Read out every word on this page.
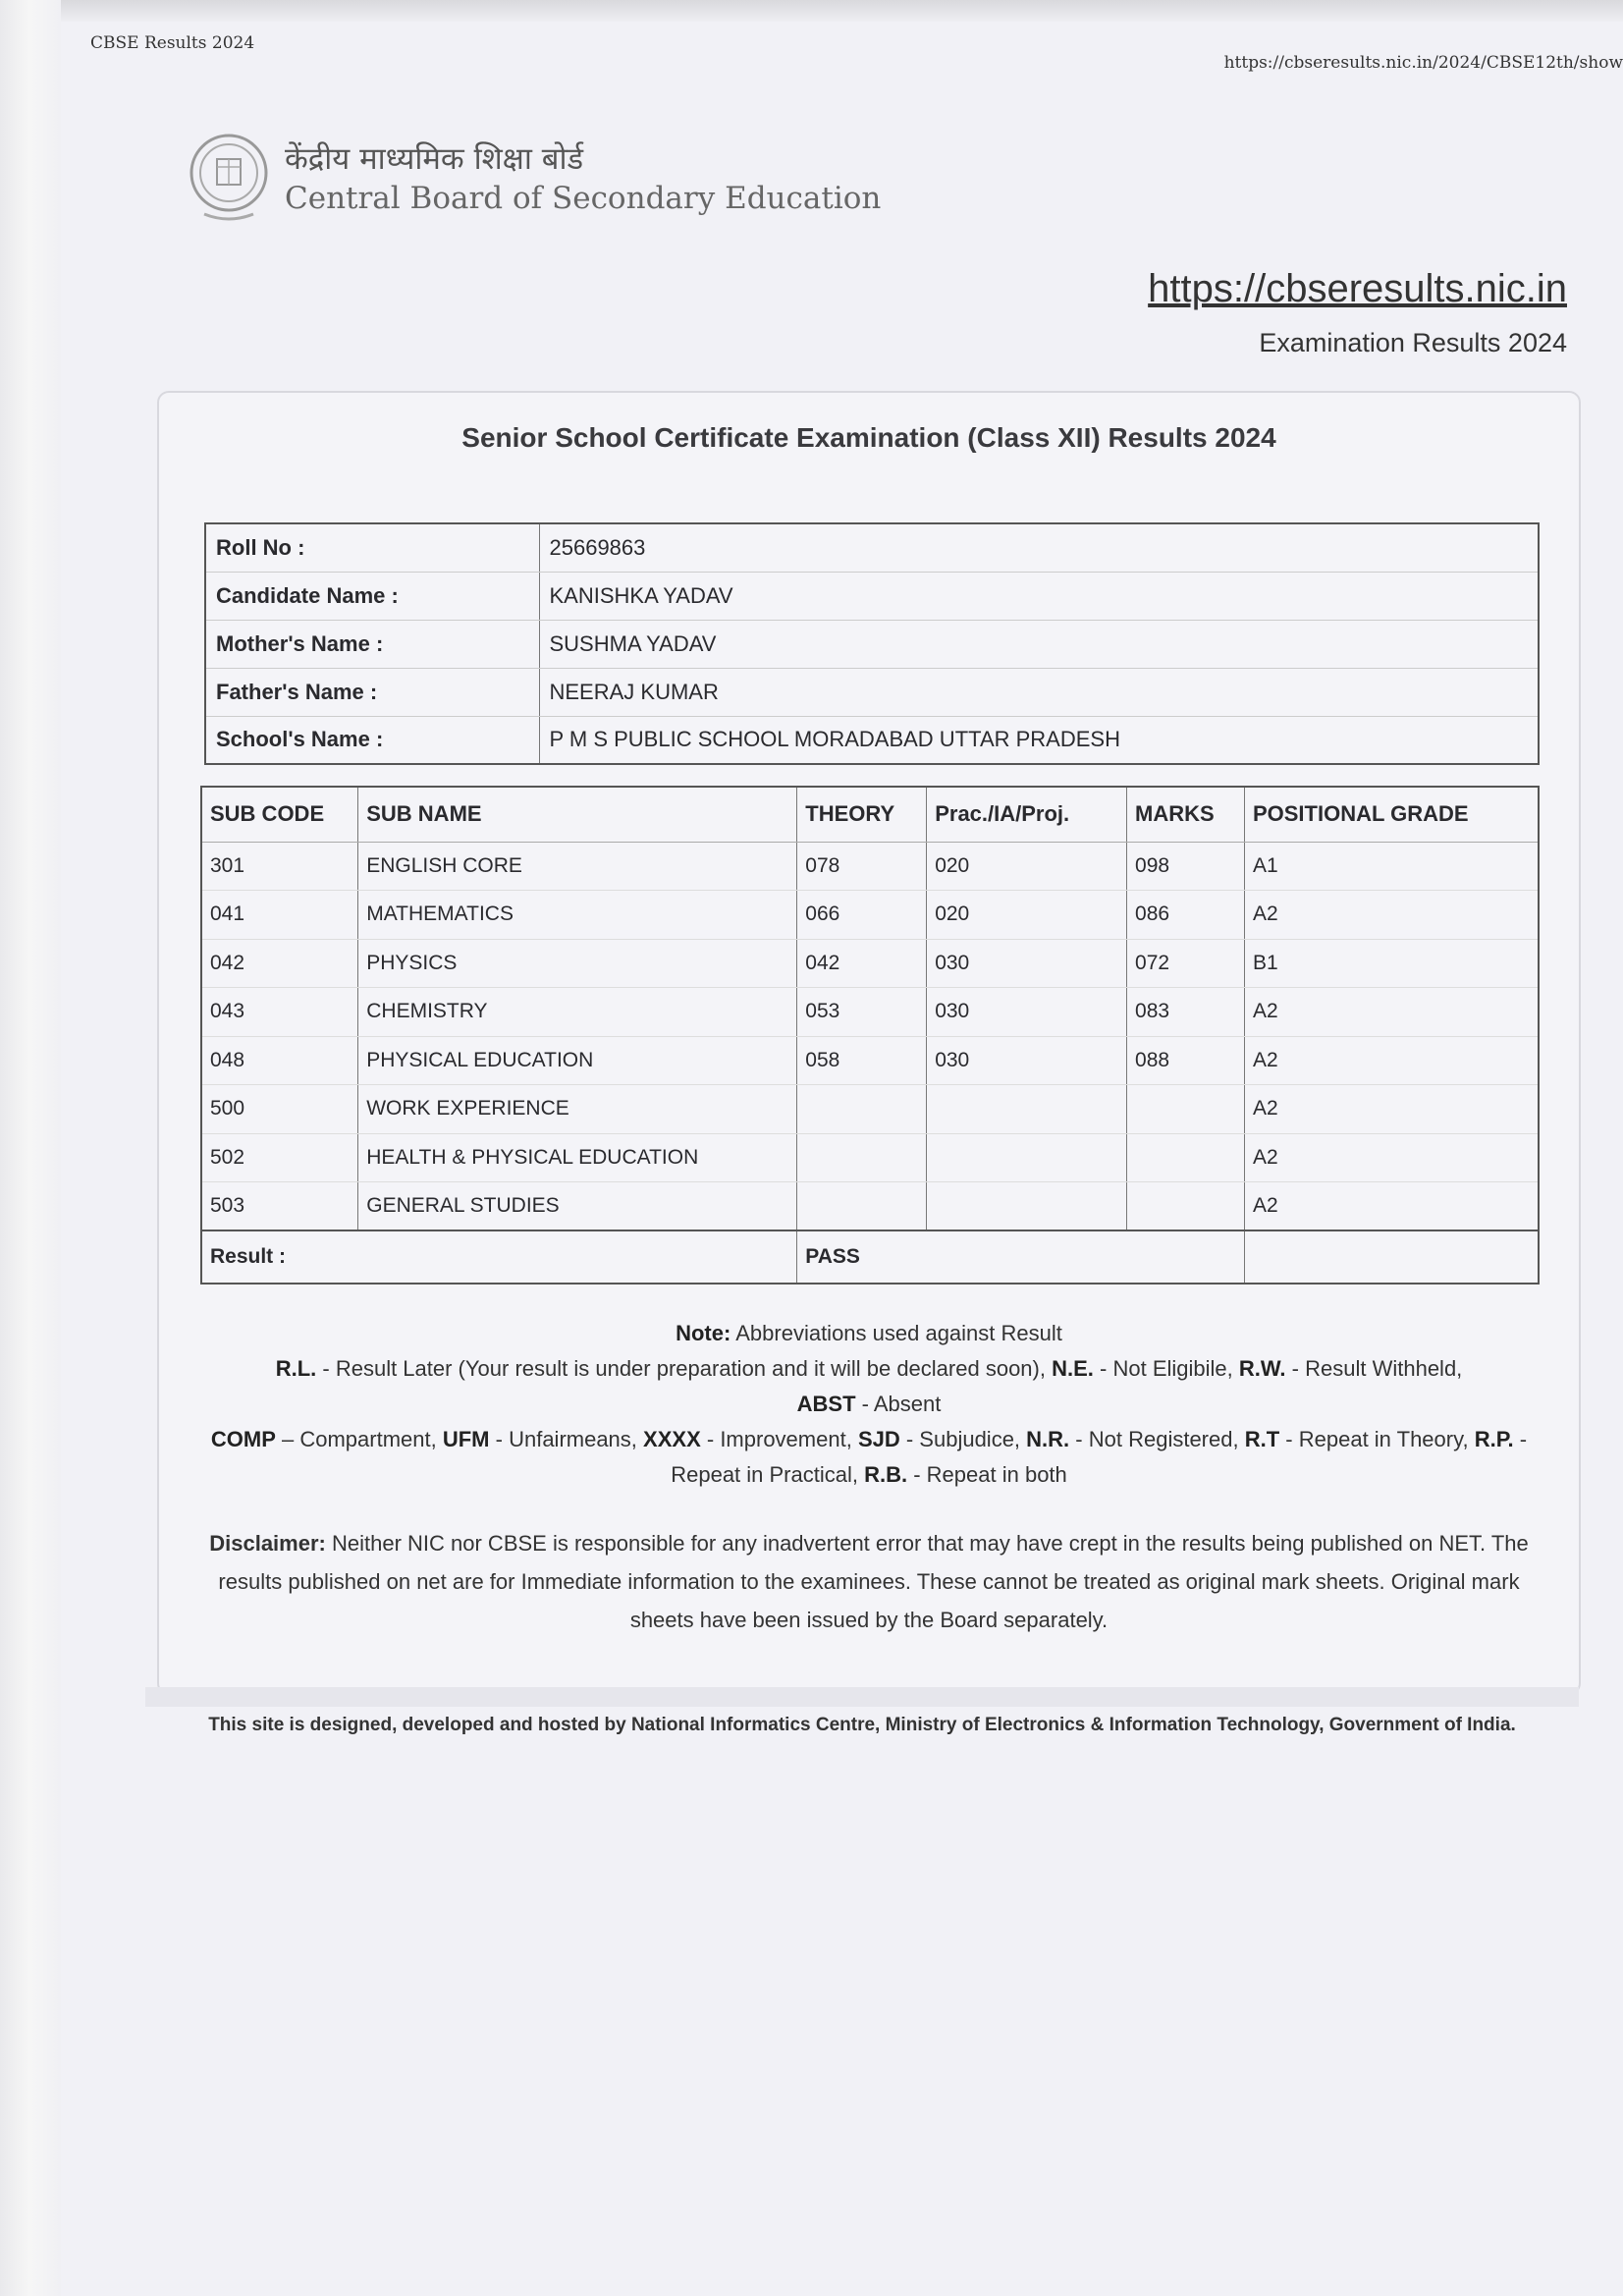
CBSE Results 2024
https://cbseresults.nic.in/2024/CBSE12th/show
केंद्रीय माध्यमिक शिक्षा बोर्ड
Central Board of Secondary Education
https://cbseresults.nic.in
Examination Results 2024
Senior School Certificate Examination (Class XII) Results 2024
Roll No :	25669863
Candidate Name :	KANISHKA YADAV
Mother's Name :	SUSHMA YADAV
Father's Name :	NEERAJ KUMAR
School's Name :	P M S PUBLIC SCHOOL MORADABAD UTTAR PRADESH
SUB CODE	SUB NAME	THEORY	Prac./IA/Proj.	MARKS	POSITIONAL GRADE
301	ENGLISH CORE	078	020	098	A1
041	MATHEMATICS	066	020	086	A2
042	PHYSICS	042	030	072	B1
043	CHEMISTRY	053	030	083	A2
048	PHYSICAL EDUCATION	058	030	088	A2
500	WORK EXPERIENCE				A2
502	HEALTH & PHYSICAL EDUCATION				A2
503	GENERAL STUDIES				A2
Result :		PASS			
Note: Abbreviations used against Result
R.L. - Result Later (Your result is under preparation and it will be declared soon), N.E. - Not Eligibile, R.W. - Result Withheld,
ABST - Absent
COMP – Compartment, UFM - Unfairmeans, XXXX - Improvement, SJD - Subjudice, N.R. - Not Registered, R.T - Repeat in Theory, R.P. - Repeat in Practical, R.B. - Repeat in both
Disclaimer: Neither NIC nor CBSE is responsible for any inadvertent error that may have crept in the results being published on NET. The results published on net are for Immediate information to the examinees. These cannot be treated as original mark sheets. Original mark sheets have been issued by the Board separately.
This site is designed, developed and hosted by National Informatics Centre, Ministry of Electronics & Information Technology, Government of India.
